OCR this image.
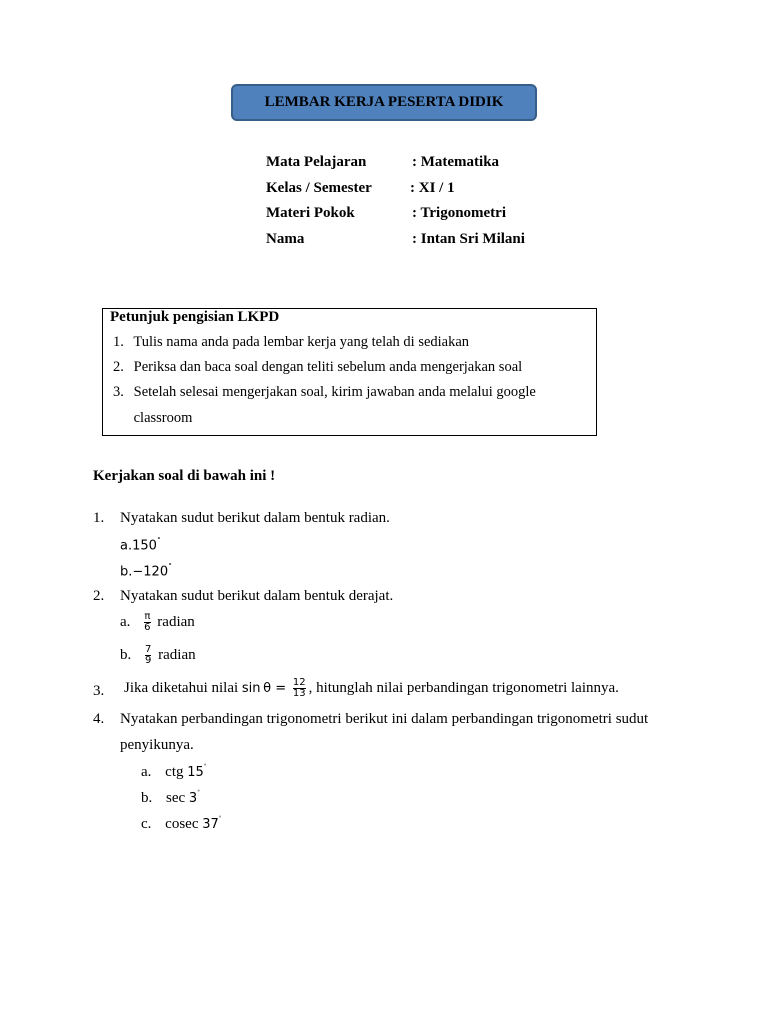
LEMBAR KERJA PESERTA DIDIK
Mata Pelajaran	: Matematika
Kelas / Semester	: XI / 1
Materi Pokok	: Trigonometri
Nama	: Intan Sri Milani
Petunjuk pengisian LKPD
1. Tulis nama anda pada lembar kerja yang telah di sediakan
2. Periksa dan baca soal dengan teliti sebelum anda mengerjakan soal
3. Setelah selesai mengerjakan soal, kirim jawaban anda melalui google
classroom
Kerjakan soal di bawah ini !
1. Nyatakan sudut berikut dalam bentuk radian.
a.150˚
b.−120˚
2. Nyatakan sudut berikut dalam bentuk derajat.
a. $\frac{\pi}{6}$ radian
b. $\frac{7}{9}$ radian
3. Jika diketahui nilai $\sin \theta = \frac{12}{13}$ , hitunglah nilai perbandingan trigonometri lainnya.
4. Nyatakan perbandingan trigonometri berikut ini dalam perbandingan trigonometri sudut
penyikunya.
a. ctg 15˚
b. sec 3˚
c. cosec 37˚
